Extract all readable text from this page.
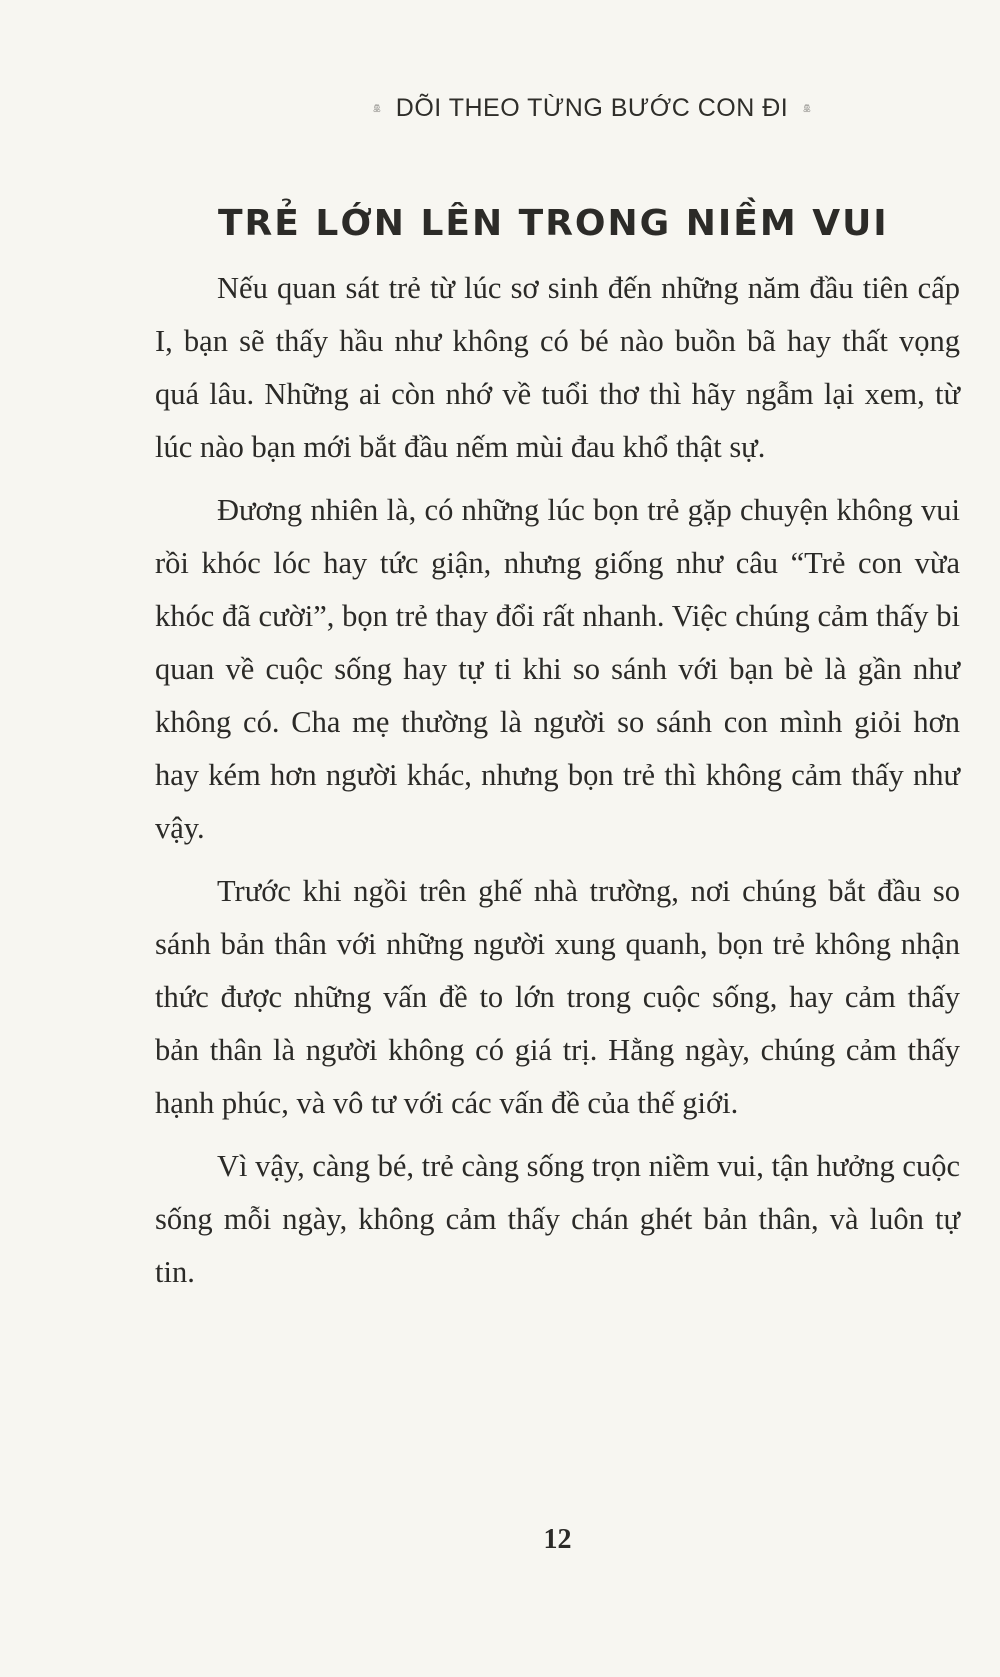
DÕI THEO TỪNG BƯỚC CON ĐI
TRẺ LỚN LÊN TRONG NIỀM VUI

Nếu quan sát trẻ từ lúc sơ sinh đến những năm đầu tiên cấp I, bạn sẽ thấy hầu như không có bé nào buồn bã hay thất vọng quá lâu. Những ai còn nhớ về tuổi thơ thì hãy ngẫm lại xem, từ lúc nào bạn mới bắt đầu nếm mùi đau khổ thật sự.

Đương nhiên là, có những lúc bọn trẻ gặp chuyện không vui rồi khóc lóc hay tức giận, nhưng giống như câu “Trẻ con vừa khóc đã cười”, bọn trẻ thay đổi rất nhanh. Việc chúng cảm thấy bi quan về cuộc sống hay tự ti khi so sánh với bạn bè là gần như không có. Cha mẹ thường là người so sánh con mình giỏi hơn hay kém hơn người khác, nhưng bọn trẻ thì không cảm thấy như vậy.

Trước khi ngồi trên ghế nhà trường, nơi chúng bắt đầu so sánh bản thân với những người xung quanh, bọn trẻ không nhận thức được những vấn đề to lớn trong cuộc sống, hay cảm thấy bản thân là người không có giá trị. Hằng ngày, chúng cảm thấy hạnh phúc, và vô tư với các vấn đề của thế giới.

Vì vậy, càng bé, trẻ càng sống trọn niềm vui, tận hưởng cuộc sống mỗi ngày, không cảm thấy chán ghét bản thân, và luôn tự tin.

12
